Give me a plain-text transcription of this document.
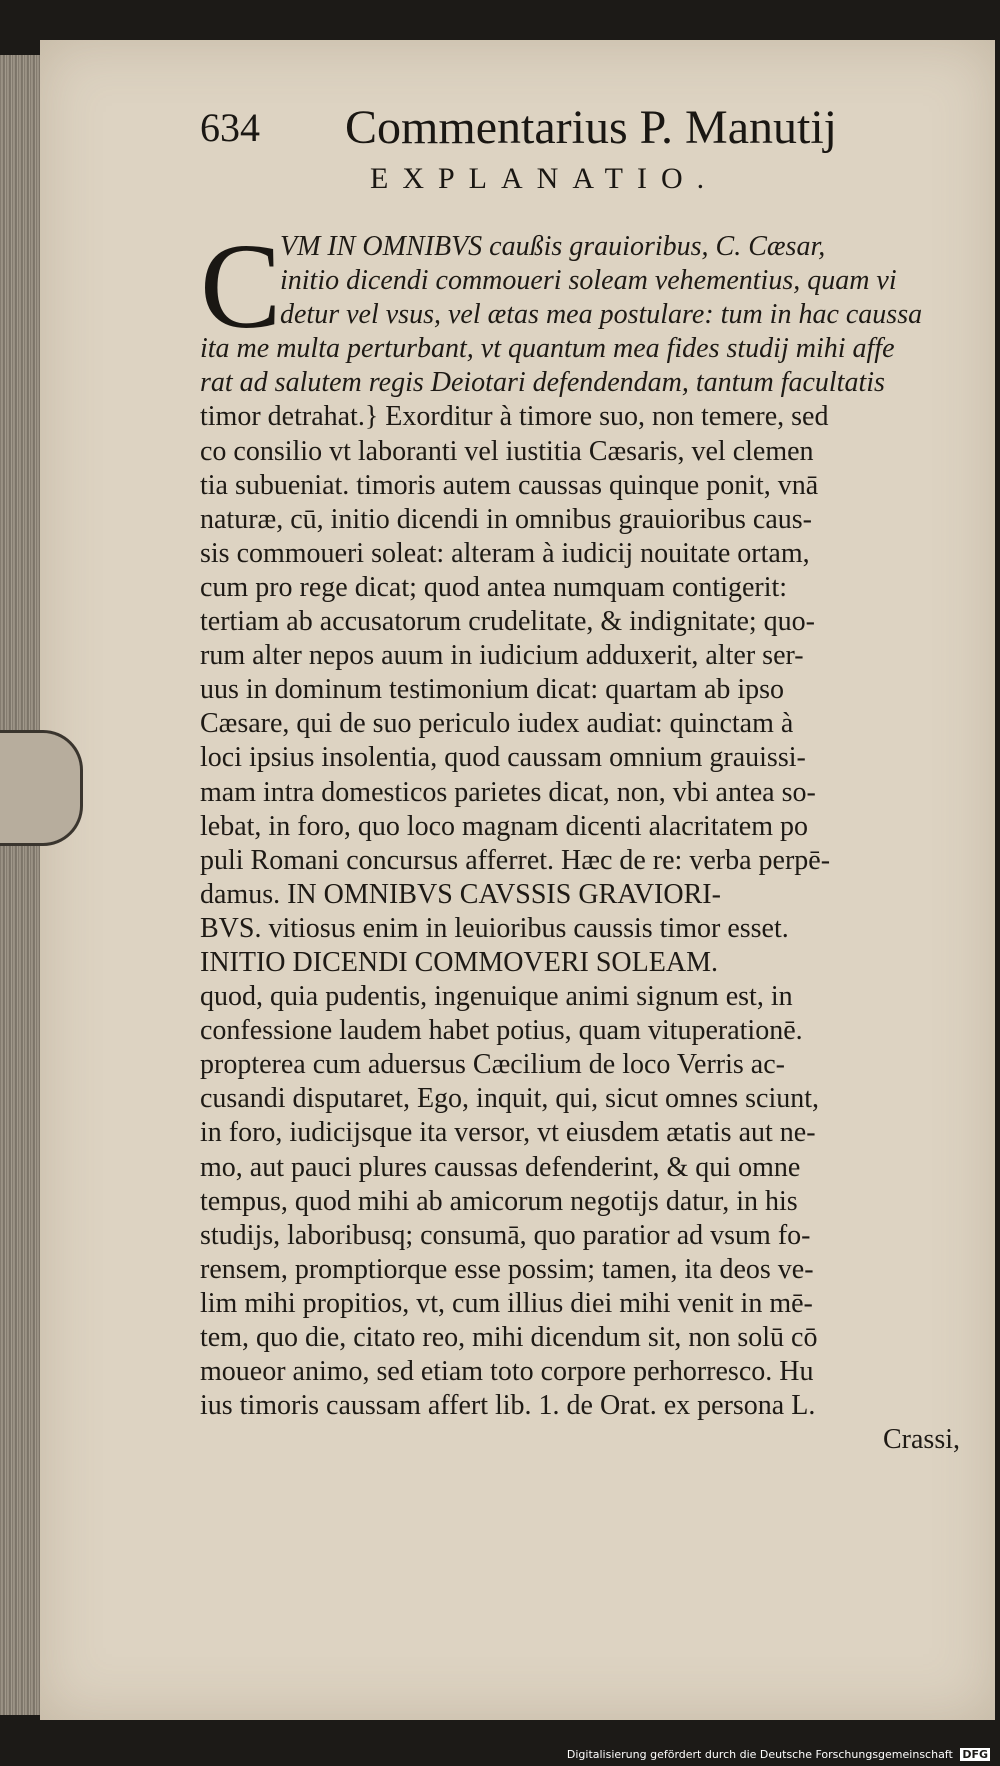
634 Commentarius P. Manutij
EXPLANATIO.
C
VM IN OMNIBVS caußis grauioribus, C. Cæsar,
initio dicendi commoueri soleam vehementius, quam vi
detur vel vsus, vel ætas mea postulare: tum in hac caussa
ita me multa perturbant, vt quantum mea fides studij mihi affe
rat ad salutem regis Deiotari defendendam, tantum facultatis
timor detrahat.} Exorditur à timore suo, non temere, sed
co consilio vt laboranti vel iustitia Cæsaris, vel clemen
tia subueniat. timoris autem caussas quinque ponit, vnā
naturæ, cū, initio dicendi in omnibus grauioribus caus-
sis commoueri soleat: alteram à iudicij nouitate ortam,
cum pro rege dicat; quod antea numquam contigerit:
tertiam ab accusatorum crudelitate, & indignitate; quo-
rum alter nepos auum in iudicium adduxerit, alter ser-
uus in dominum testimonium dicat: quartam ab ipso
Cæsare, qui de suo periculo iudex audiat: quinctam à
loci ipsius insolentia, quod caussam omnium grauissi-
mam intra domesticos parietes dicat, non, vbi antea so-
lebat, in foro, quo loco magnam dicenti alacritatem po
puli Romani concursus afferret. Hæc de re: verba perpē-
damus. IN OMNIBVS CAVSSIS GRAVIORI-
BVS. vitiosus enim in leuioribus caussis timor esset.
INITIO DICENDI COMMOVERI SOLEAM.
quod, quia pudentis, ingenuique animi signum est, in
confessione laudem habet potius, quam vituperationē.
propterea cum aduersus Cæcilium de loco Verris ac-
cusandi disputaret, Ego, inquit, qui, sicut omnes sciunt,
in foro, iudicijsque ita versor, vt eiusdem ætatis aut ne-
mo, aut pauci plures caussas defenderint, & qui omne
tempus, quod mihi ab amicorum negotijs datur, in his
studijs, laboribusq; consumā, quo paratior ad vsum fo-
rensem, promptiorque esse possim; tamen, ita deos ve-
lim mihi propitios, vt, cum illius diei mihi venit in mē-
tem, quo die, citato reo, mihi dicendum sit, non solū cō
moueor animo, sed etiam toto corpore perhorresco. Hu
ius timoris caussam affert lib. 1. de Orat. ex persona L.
Crassi,
Digitalisierung gefördert durch die Deutsche Forschungsgemeinschaft DFG
